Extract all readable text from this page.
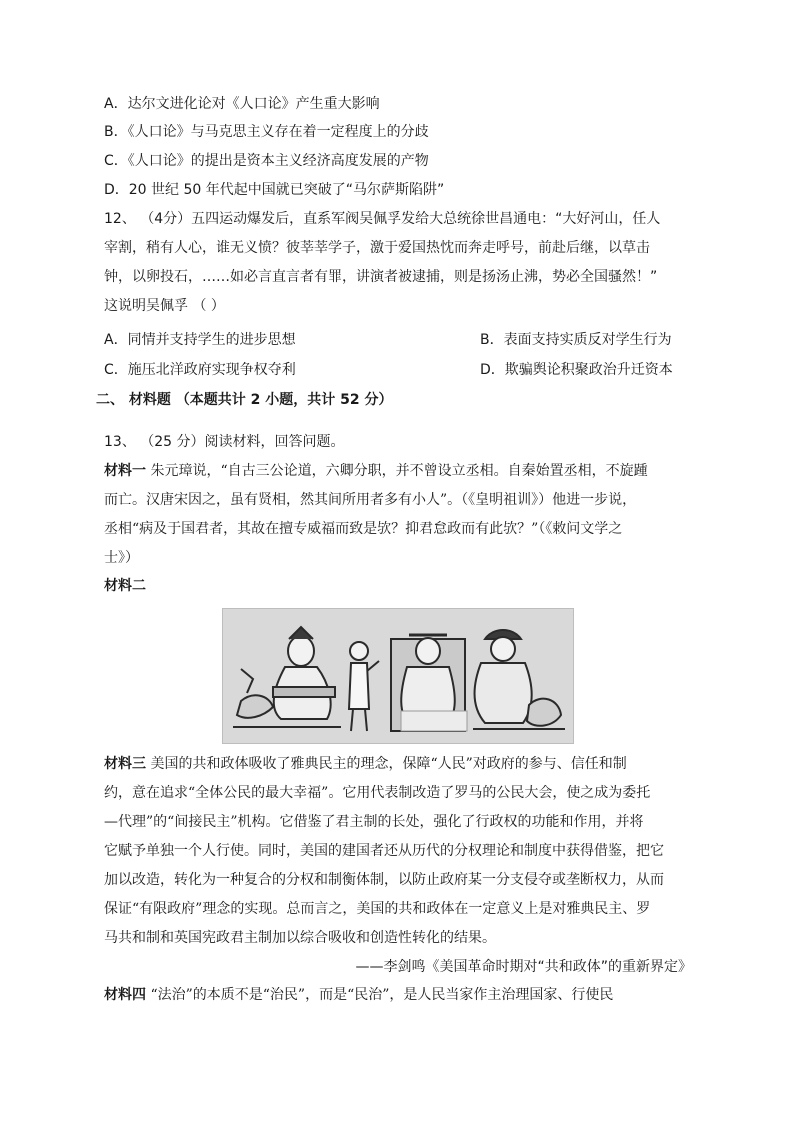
A．达尔文进化论对《人口论》产生重大影响
B．《人口论》与马克思主义存在着一定程度上的分歧
C．《人口论》的提出是资本主义经济高度发展的产物
D．20 世纪 50 年代起中国就已突破了“马尔萨斯陷阱”
12、 （4分）五四运动爆发后，直系军阀吴佩孚发给大总统徐世昌通电：“大好河山，任人
宰割，稍有人心，谁无义愤？彼莘莘学子，激于爱国热忱而奔走呼号，前赴后继，以草击
钟，以卵投石，……如必言直言者有罪，讲演者被逮捕，则是扬汤止沸，势必全国骚然！”
这说明吴佩孚 （ ）
A．同情并支持学生的进步思想	B．表面支持实质反对学生行为
C．施压北洋政府实现争权夺利	D．欺骗舆论积聚政治升迁资本
二、 材料题 （本题共计 2 小题，共计 52 分）
13、 （25 分）阅读材料，回答问题。
材料一 朱元璋说，“自古三公论道，六卿分职，并不曾设立丞相。自秦始置丞相，不旋踵
而亡。汉唐宋因之，虽有贤相，然其间所用者多有小人”。（《皇明祖训》）他进一步说，
丞相“病及于国君者，其故在擅专威福而致是欤？抑君怠政而有此欤？”（《敕问文学之
士》）
材料二
材料三 美国的共和政体吸收了雅典民主的理念，保障“人民”对政府的参与、信任和制
约，意在追求“全体公民的最大幸福”。它用代表制改造了罗马的公民大会，使之成为委托
—代理”的“间接民主”机构。它借鉴了君主制的长处，强化了行政权的功能和作用，并将
它赋予单独一个人行使。同时，美国的建国者还从历代的分权理论和制度中获得借鉴，把它
加以改造，转化为一种复合的分权和制衡体制，以防止政府某一分支侵夺或垄断权力，从而
保证“有限政府”理念的实现。总而言之，美国的共和政体在一定意义上是对雅典民主、罗
马共和制和英国宪政君主制加以综合吸收和创造性转化的结果。
——李剑鸣《美国革命时期对“共和政体”的重新界定》
材料四 “法治”的本质不是“治民”，而是“民治”，是人民当家作主治理国家、行使民
